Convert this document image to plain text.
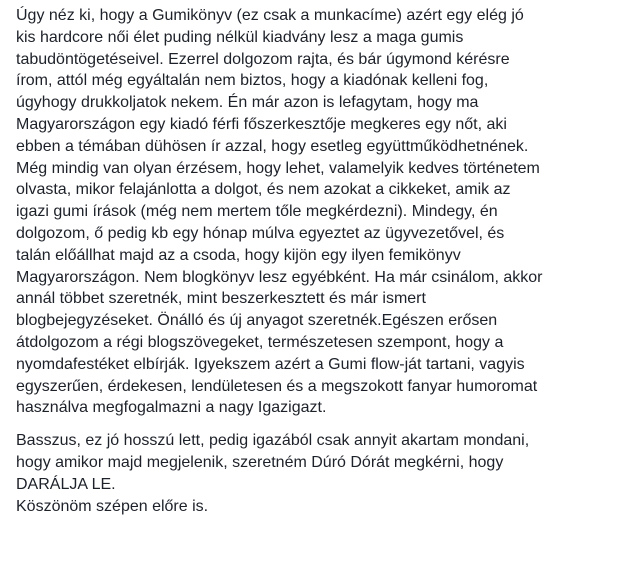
Úgy néz ki, hogy a Gumikönyv (ez csak a munkacíme) azért egy elég jó
kis hardcore női élet puding nélkül kiadvány lesz a maga gumis
tabudöntögetéseivel. Ezerrel dolgozom rajta, és bár úgymond kérésre
írom, attól még egyáltalán nem biztos, hogy a kiadónak kelleni fog,
úgyhogy drukkoljatok nekem. Én már azon is lefagytam, hogy ma
Magyarországon egy kiadó férfi főszerkesztője megkeres egy nőt, aki
ebben a témában dühösen ír azzal, hogy esetleg együttműködhetnének.
Még mindig van olyan érzésem, hogy lehet, valamelyik kedves történetem
olvasta, mikor felajánlotta a dolgot, és nem azokat a cikkeket, amik az
igazi gumi írások (még nem mertem tőle megkérdezni). Mindegy, én
dolgozom, ő pedig kb egy hónap múlva egyeztet az ügyvezetővel, és
talán előállhat majd az a csoda, hogy kijön egy ilyen femikönyv
Magyarországon. Nem blogkönyv lesz egyébként. Ha már csinálom, akkor
annál többet szeretnék, mint beszerkesztett és már ismert
blogbejegyzéseket. Önálló és új anyagot szeretnék.Egészen erősen
átdolgozom a régi blogszövegeket, természetesen szempont, hogy a
nyomdafestéket elbírják. Igyekszem azért a Gumi flow-ját tartani, vagyis
egyszerűen, érdekesen, lendületesen és a megszokott fanyar humoromat
használva megfogalmazni a nagy Igazigazt.

Basszus, ez jó hosszú lett, pedig igazából csak annyit akartam mondani,
hogy amikor majd megjelenik, szeretném Dúró Dórát megkérni, hogy
DARÁLJA LE.
Köszönöm szépen előre is.
